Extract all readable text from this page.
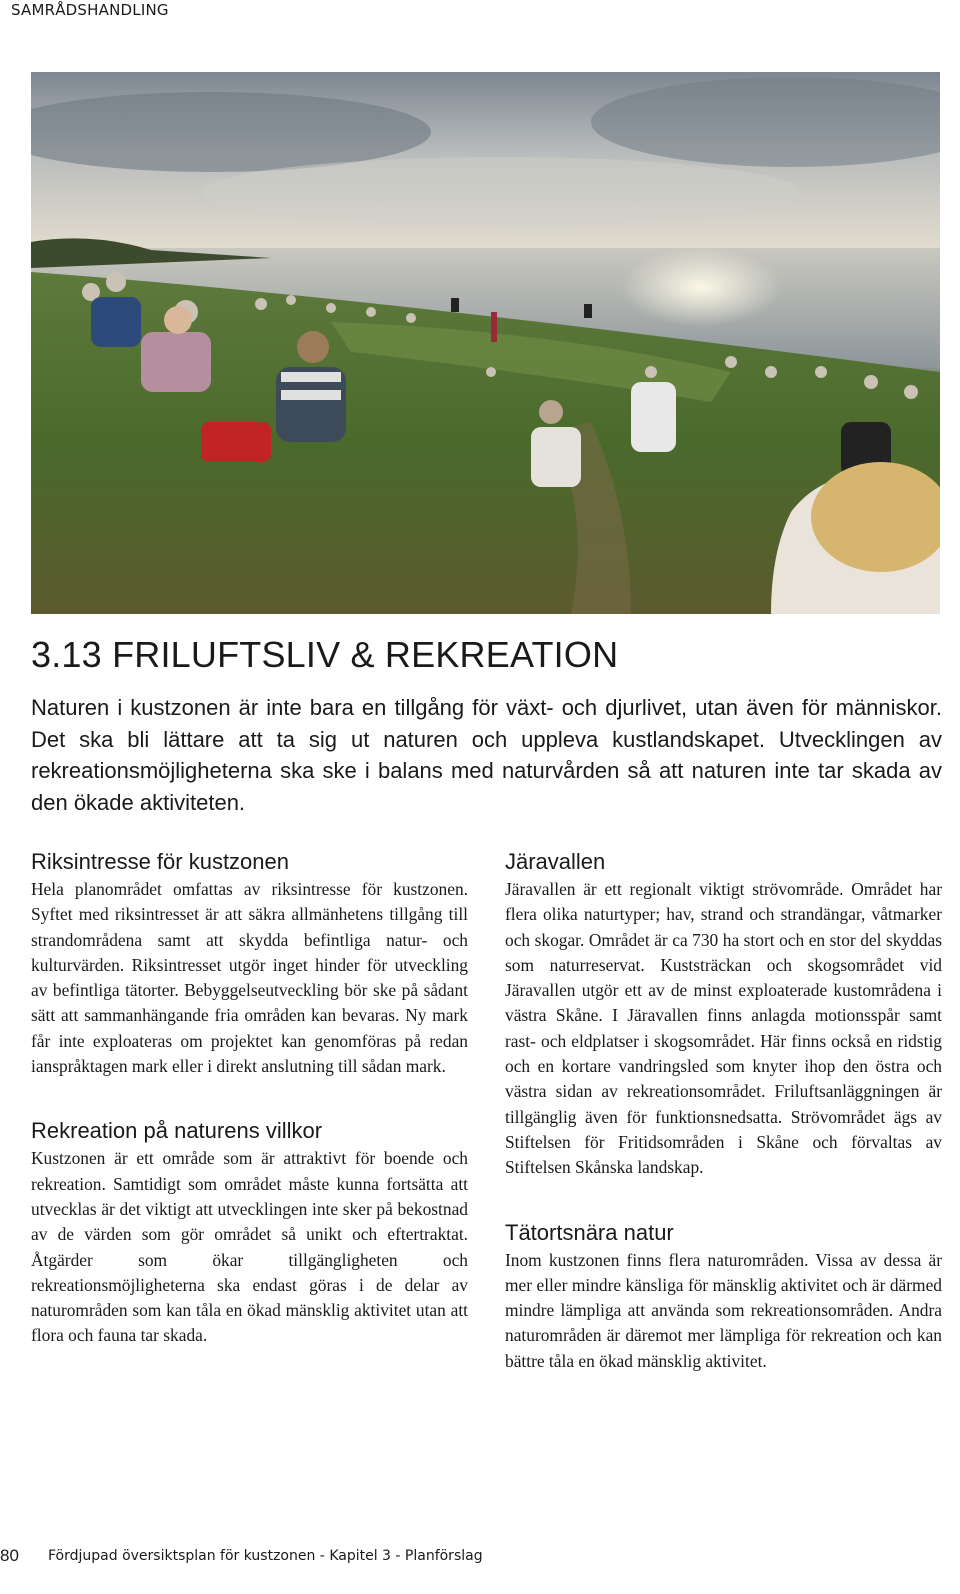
SAMRÅDSHANDLING
3.13 FRILUFTSLIV & REKREATION

Naturen i kustzonen är inte bara en tillgång för växt- och djurlivet, utan även för människor. Det ska bli lättare att ta sig ut naturen och uppleva kustlandskapet. Utvecklingen av rekreationsmöjligheterna ska ske i balans med naturvården så att naturen inte tar skada av den ökade aktiviteten.

Riksintresse för kustzonen

Hela planområdet omfattas av riksintresse för kustzonen. Syftet med riksintresset är att säkra allmänhetens tillgång till strandområdena samt att skydda befintliga natur- och kulturvärden. Riksintresset utgör inget hinder för utveckling av befintliga tätorter. Bebyggelseutveckling bör ske på sådant sätt att sammanhängande fria områden kan bevaras. Ny mark får inte exploateras om projektet kan genomföras på redan ianspråktagen mark eller i direkt anslutning till sådan mark.

Rekreation på naturens villkor

Kustzonen är ett område som är attraktivt för boende och rekreation. Samtidigt som området måste kunna fortsätta att utvecklas är det viktigt att utvecklingen inte sker på bekostnad av de värden som gör området så unikt och eftertraktat. Åtgärder som ökar tillgängligheten och rekreationsmöjligheterna ska endast göras i de delar av naturområden som kan tåla en ökad mänsklig aktivitet utan att flora och fauna tar skada.

Järavallen

Järavallen är ett regionalt viktigt strövområde. Området har flera olika naturtyper; hav, strand och strandängar, våtmarker och skogar. Området är ca 730 ha stort och en stor del skyddas som naturreservat. Kuststräckan och skogsområdet vid Järavallen utgör ett av de minst exploaterade kustområdena i västra Skåne. I Järavallen finns anlagda motionsspår samt rast- och eldplatser i skogsområdet. Här finns också en ridstig och en kortare vandringsled som knyter ihop den östra och västra sidan av rekreationsområdet. Friluftsanläggningen är tillgänglig även för funktionsnedsatta. Strövområdet ägs av Stiftelsen för Fritidsområden i Skåne och förvaltas av Stiftelsen Skånska landskap.

Tätortsnära natur

Inom kustzonen finns flera naturområden. Vissa av dessa är mer eller mindre känsliga för mänsklig aktivitet och är därmed mindre lämpliga att använda som rekreationsområden. Andra naturområden är däremot mer lämpliga för rekreation och kan bättre tåla en ökad mänsklig aktivitet.

80 Fördjupad översiktsplan för kustzonen - Kapitel 3 - Planförslag
